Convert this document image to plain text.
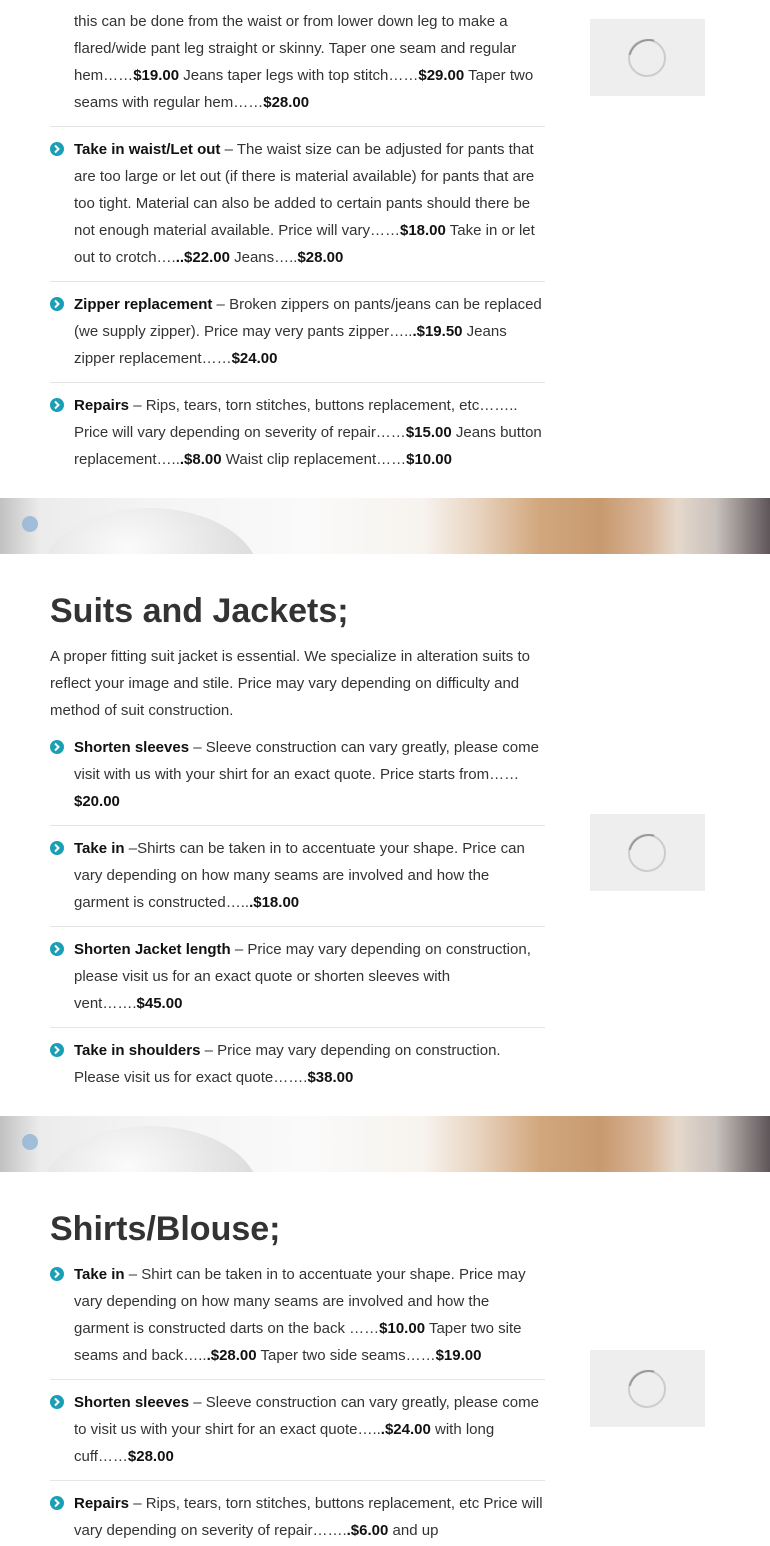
this can be done from the waist or from lower down leg to make a flared/wide pant leg straight or skinny. Taper one seam and regular hem……$19.00 Jeans taper legs with top stitch……$29.00 Taper two seams with regular hem……$28.00
Take in waist/Let out – The waist size can be adjusted for pants that are too large or let out (if there is material available) for pants that are too tight. Material can also be added to certain pants should there be not enough material available. Price will vary……$18.00 Take in or let out to crotch…...$22.00 Jeans…..$28.00
Zipper replacement – Broken zippers on pants/jeans can be replaced (we supply zipper). Price may very pants zipper…...$19.50 Jeans zipper replacement……$24.00
Repairs – Rips, tears, torn stitches, buttons replacement, etc…….. Price will vary depending on severity of repair……$15.00 Jeans button replacement…...$8.00 Waist clip replacement……$10.00
Suits and Jackets;

A proper fitting suit jacket is essential. We specialize in alteration suits to reflect your image and stile. Price may vary depending on difficulty and method of suit construction.

Shorten sleeves – Sleeve construction can vary greatly, please come visit with us with your shirt for an exact quote. Price starts from…… $20.00
Take in –Shirts can be taken in to accentuate your shape. Price can vary depending on how many seams are involved and how the garment is constructed…...$18.00
Shorten Jacket length – Price may vary depending on construction, please visit us for an exact quote or shorten sleeves with vent…….$45.00
Take in shoulders – Price may vary depending on construction. Please visit us for exact quote…….$38.00
Shirts/Blouse;
Take in – Shirt can be taken in to accentuate your shape. Price may vary depending on how many seams are involved and how the garment is constructed darts on the back ……$10.00 Taper two site seams and back…...$28.00 Taper two side seams……$19.00
Shorten sleeves – Sleeve construction can vary greatly, please come to visit us with your shirt for an exact quote…...$24.00 with long cuff……$28.00
Repairs – Rips, tears, torn stitches, buttons replacement, etc Price will vary depending on severity of repair……..$6.00 and up
